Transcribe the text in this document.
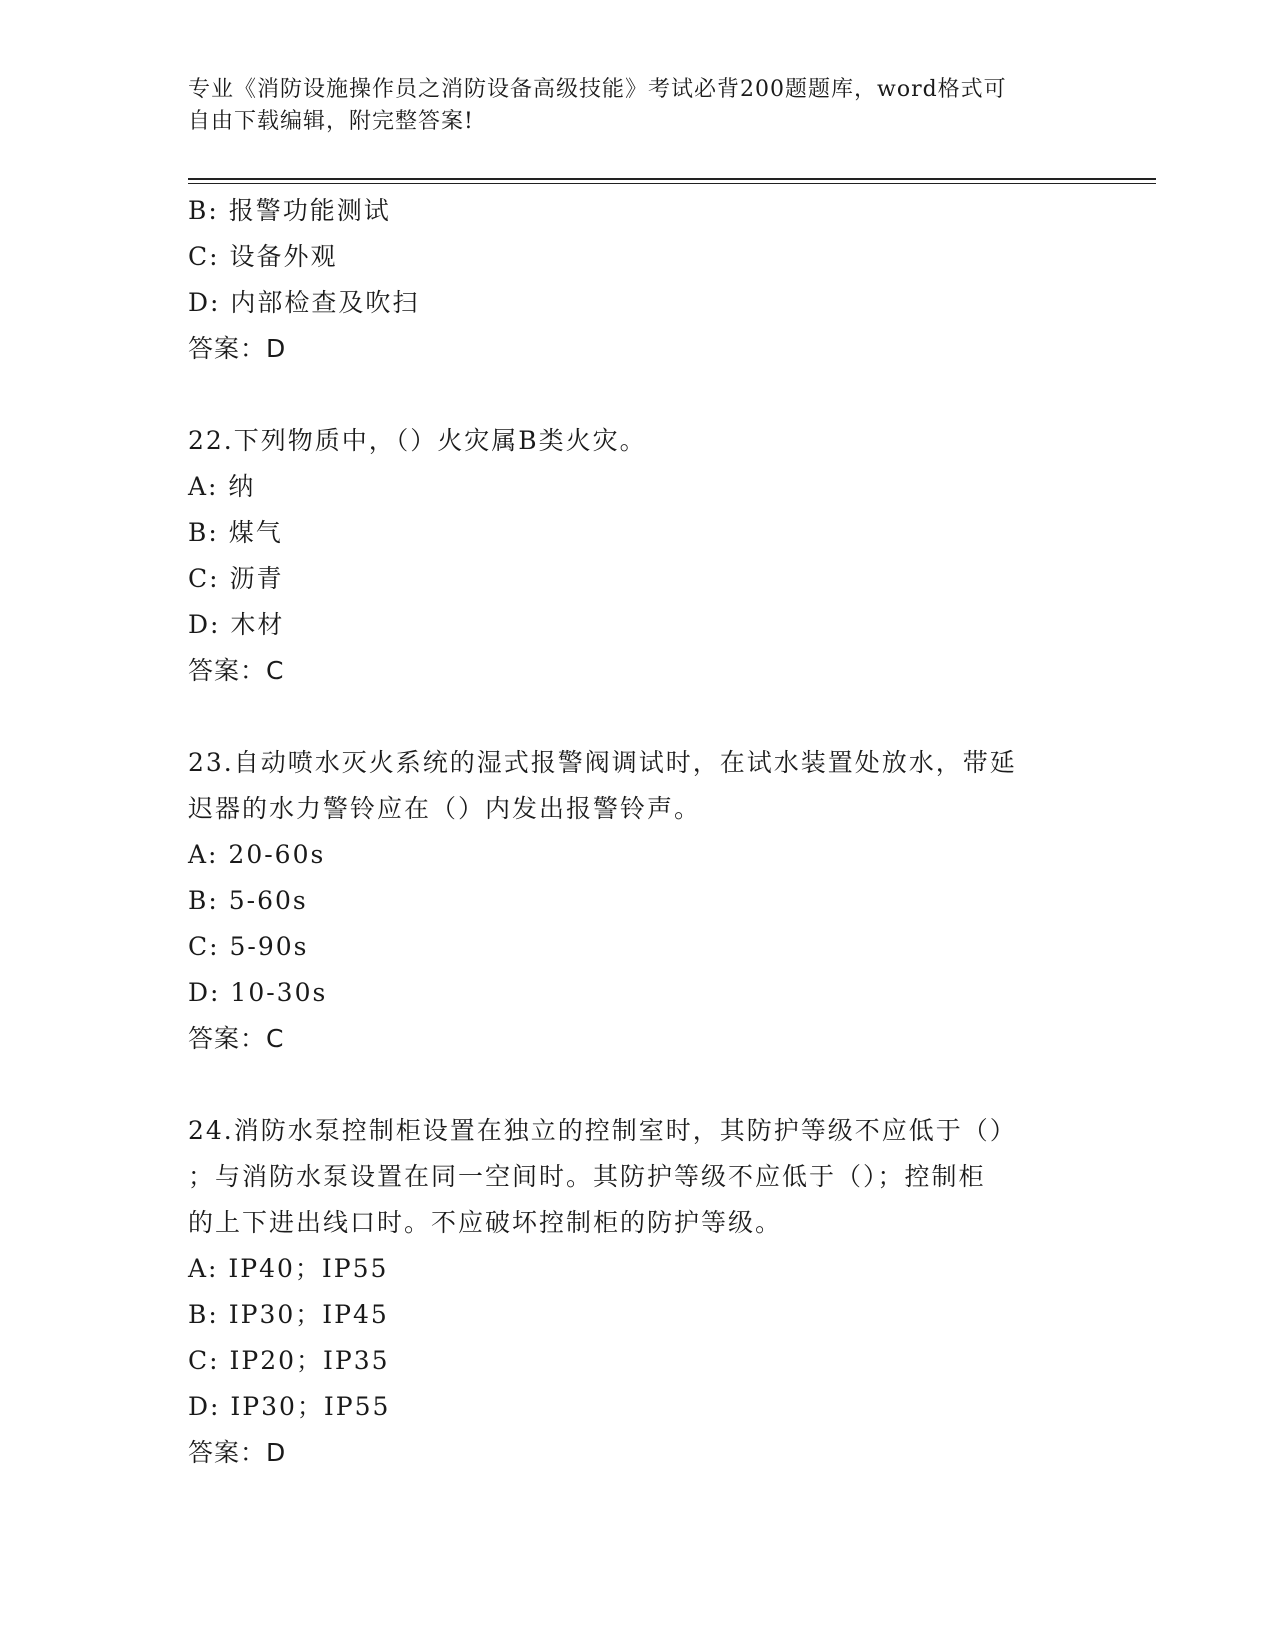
专业《消防设施操作员之消防设备高级技能》考试必背200题题库，word格式可
自由下载编辑，附完整答案!
B: 报警功能测试
C: 设备外观
D: 内部检查及吹扫
答案：D
22.下列物质中，（）火灾属B类火灾。
A: 纳
B: 煤气
C: 沥青
D: 木材
答案：C
23.自动喷水灭火系统的湿式报警阀调试时，在试水装置处放水，带延
迟器的水力警铃应在（）内发出报警铃声。
A: 20-60s
B: 5-60s
C: 5-90s
D: 10-30s
答案：C
24.消防水泵控制柜设置在独立的控制室时，其防护等级不应低于（）
；与消防水泵设置在同一空间时。其防护等级不应低于（）；控制柜
的上下进出线口时。不应破坏控制柜的防护等级。
A: IP40；IP55
B: IP30；IP45
C: IP20；IP35
D: IP30；IP55
答案：D
